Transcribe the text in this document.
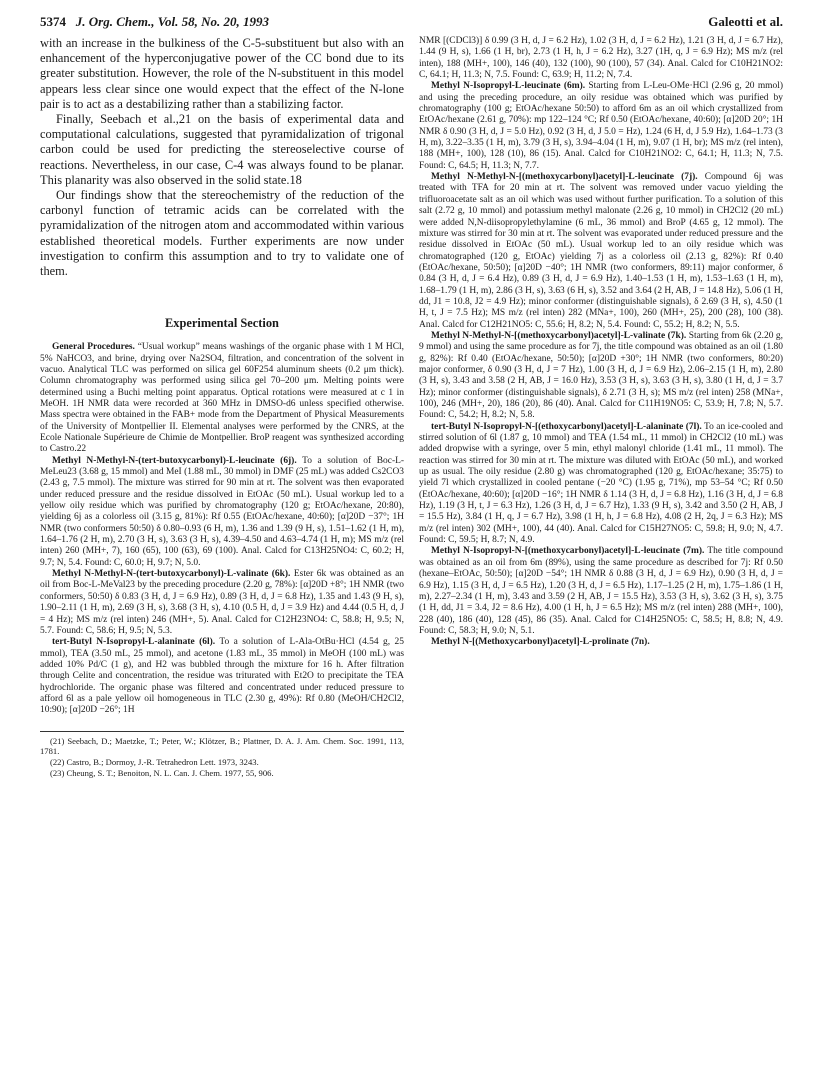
5374 J. Org. Chem., Vol. 58, No. 20, 1993	Galeotti et al.

with an increase in the bulkiness of the C-5-substituent but also with an enhancement of the hyperconjugative power of the CC bond due to its greater substitution. However, the role of the N-substituent in this model appears less clear since one would expect that the effect of the N-lone pair is to act as a destabilizing rather than a stabilizing factor.

Finally, Seebach et al.,21 on the basis of experimental data and computational calculations, suggested that pyramidalization of trigonal carbon could be used for predicting the stereoselective course of reactions. Nevertheless, in our case, C-4 was always found to be planar. This planarity was also observed in the solid state.18

Our findings show that the stereochemistry of the reduction of the carbonyl function of tetramic acids can be correlated with the pyramidalization of the nitrogen atom and accommodated within various established theoretical models. Further experiments are now under investigation to confirm this assumption and to try to validate one of them.

Experimental Section

General Procedures. “Usual workup” means washings of the organic phase with 1 M HCl, 5% NaHCO3, and brine, drying over Na2SO4, filtration, and concentration of the solvent in vacuo. Analytical TLC was performed on silica gel 60F254 aluminum sheets (0.2 μm thick). Column chromatography was performed using silica gel 70–200 μm. Melting points were determined using a Buchi melting point apparatus. Optical rotations were measured at c 1 in MeOH. 1H NMR data were recorded at 360 MHz in DMSO-d6 unless specified otherwise. Mass spectra were obtained in the FAB+ mode from the Department of Physical Measurements of the University of Montpellier II. Elemental analyses were performed by the CNRS, at the Ecole Nationale Supérieure de Chimie de Montpellier. BroP reagent was synthesized according to Castro.22

Methyl N-Methyl-N-(tert-butoxycarbonyl)-L-leucinate (6j). To a solution of Boc-L-MeLeu23 (3.68 g, 15 mmol) and MeI (1.88 mL, 30 mmol) in DMF (25 mL) was added Cs2CO3 (2.43 g, 7.5 mmol). The mixture was stirred for 90 min at rt. The solvent was then evaporated under reduced pressure and the residue dissolved in EtOAc (50 mL). Usual workup led to a yellow oily residue which was purified by chromatography (120 g; EtOAc/hexane, 20:80), yielding 6j as a colorless oil (3.15 g, 81%): Rf 0.55 (EtOAc/hexane, 40:60); [α]20D −37°; 1H NMR (two conformers 50:50) δ 0.80–0.93 (6 H, m), 1.36 and 1.39 (9 H, s), 1.51–1.62 (1 H, m), 1.64–1.76 (2 H, m), 2.70 (3 H, s), 3.63 (3 H, s), 4.39–4.50 and 4.63–4.74 (1 H, m); MS m/z (rel inten) 260 (MH+, 7), 160 (65), 100 (63), 69 (100). Anal. Calcd for C13H25NO4: C, 60.2; H, 9.7; N, 5.4. Found: C, 60.0; H, 9.7; N, 5.0.

Methyl N-Methyl-N-(tert-butoxycarbonyl)-L-valinate (6k). Ester 6k was obtained as an oil from Boc-L-MeVal23 by the preceding procedure (2.20 g, 78%): [α]20D +8°; 1H NMR (two conformers, 50:50) δ 0.83 (3 H, d, J = 6.9 Hz), 0.89 (3 H, d, J = 6.8 Hz), 1.35 and 1.43 (9 H, s), 1.90–2.11 (1 H, m), 2.69 (3 H, s), 3.68 (3 H, s), 4.10 (0.5 H, d, J = 3.9 Hz) and 4.44 (0.5 H, d, J = 4 Hz); MS m/z (rel inten) 246 (MH+, 5). Anal. Calcd for C12H23NO4: C, 58.8; H, 9.5; N, 5.7. Found: C, 58.6; H, 9.5; N, 5.3.

tert-Butyl N-Isopropyl-L-alaninate (6l). To a solution of L-Ala-OtBu·HCl (4.54 g, 25 mmol), TEA (3.50 mL, 25 mmol), and acetone (1.83 mL, 35 mmol) in MeOH (100 mL) was added 10% Pd/C (1 g), and H2 was bubbled through the mixture for 16 h. After filtration through Celite and concentration, the residue was triturated with Et2O to precipitate the TEA hydrochloride. The organic phase was filtered and concentrated under reduced pressure to afford 6l as a pale yellow oil homogeneous in TLC (2.30 g, 49%): Rf 0.80 (MeOH/CH2Cl2, 10:90); [α]20D −26°; 1H

(21) Seebach, D.; Maetzke, T.; Peter, W.; Klötzer, B.; Plattner, D. A. J. Am. Chem. Soc. 1991, 113, 1781.

(22) Castro, B.; Dormoy, J.-R. Tetrahedron Lett. 1973, 3243.

(23) Cheung, S. T.; Benoiton, N. L. Can. J. Chem. 1977, 55, 906.

NMR [(CDCl3)] δ 0.99 (3 H, d, J = 6.2 Hz), 1.02 (3 H, d, J = 6.2 Hz), 1.21 (3 H, d, J = 6.7 Hz), 1.44 (9 H, s), 1.66 (1 H, br), 2.73 (1 H, h, J = 6.2 Hz), 3.27 (1H, q, J = 6.9 Hz); MS m/z (rel inten), 188 (MH+, 100), 146 (40), 132 (100), 90 (100), 57 (34). Anal. Calcd for C10H21NO2: C, 64.1; H, 11.3; N, 7.5. Found: C, 63.9; H, 11.2; N, 7.4.

Methyl N-Isopropyl-L-leucinate (6m). Starting from L-Leu-OMe·HCl (2.96 g, 20 mmol) and using the preceding procedure, an oily residue was obtained which was purified by chromatography (100 g; EtOAc/hexane 50:50) to afford 6m as an oil which crystallized from EtOAc/hexane (2.61 g, 70%): mp 122–124 °C; Rf 0.50 (EtOAc/hexane, 40:60); [α]20D 20°; 1H NMR δ 0.90 (3 H, d, J = 5.0 Hz), 0.92 (3 H, d, J 5.0 = Hz), 1.24 (6 H, d, J 5.9 Hz), 1.64–1.73 (3 H, m), 3.22–3.35 (1 H, m), 3.79 (3 H, s), 3.94–4.04 (1 H, m), 9.07 (1 H, br); MS m/z (rel inten), 188 (MH+, 100), 128 (10), 86 (15). Anal. Calcd for C10H21NO2: C, 64.1; H, 11.3; N, 7.5. Found: C, 64.5; H, 11.3; N, 7.7.

Methyl N-Methyl-N-[(methoxycarbonyl)acetyl]-L-leucinate (7j). Compound 6j was treated with TFA for 20 min at rt. The solvent was removed under vacuo yielding the trifluoroacetate salt as an oil which was used without further purification. To a solution of this salt (2.72 g, 10 mmol) and potassium methyl malonate (2.26 g, 10 mmol) in CH2Cl2 (20 mL) were added N,N-diisopropylethylamine (6 mL, 36 mmol) and BroP (4.65 g, 12 mmol). The mixture was stirred for 30 min at rt. The solvent was evaporated under reduced pressure and the residue dissolved in EtOAc (50 mL). Usual workup led to an oily residue which was chromatographed (120 g, EtOAc) yielding 7j as a colorless oil (2.13 g, 82%): Rf 0.40 (EtOAc/hexane, 50:50); [α]20D −40°; 1H NMR (two conformers, 89:11) major conformer, δ 0.84 (3 H, d, J = 6.4 Hz), 0.89 (3 H, d, J = 6.9 Hz), 1.40–1.53 (1 H, m), 1.53–1.63 (1 H, m), 1.68–1.79 (1 H, m), 2.86 (3 H, s), 3.63 (6 H, s), 3.52 and 3.64 (2 H, AB, J = 14.8 Hz), 5.06 (1 H, dd, J1 = 10.8, J2 = 4.9 Hz); minor conformer (distinguishable signals), δ 2.69 (3 H, s), 4.50 (1 H, t, J = 7.5 Hz); MS m/z (rel inten) 282 (MNa+, 100), 260 (MH+, 25), 200 (28), 100 (38). Anal. Calcd for C12H21NO5: C, 55.6; H, 8.2; N, 5.4. Found: C, 55.2; H, 8.2; N, 5.5.

Methyl N-Methyl-N-[(methoxycarbonyl)acetyl]-L-valinate (7k). Starting from 6k (2.20 g, 9 mmol) and using the same procedure as for 7j, the title compound was obtained as an oil (1.80 g, 82%): Rf 0.40 (EtOAc/hexane, 50:50); [α]20D +30°; 1H NMR (two conformers, 80:20) major conformer, δ 0.90 (3 H, d, J = 7 Hz), 1.00 (3 H, d, J = 6.9 Hz), 2.06–2.15 (1 H, m), 2.80 (3 H, s), 3.43 and 3.58 (2 H, AB, J = 16.0 Hz), 3.53 (3 H, s), 3.63 (3 H, s), 3.80 (1 H, d, J = 3.7 Hz); minor conformer (distinguishable signals), δ 2.71 (3 H, s); MS m/z (rel inten) 258 (MNa+, 100), 246 (MH+, 20), 186 (20), 86 (40). Anal. Calcd for C11H19NO5: C, 53.9; H, 7.8; N, 5.7. Found: C, 54.2; H, 8.2; N, 5.8.

tert-Butyl N-Isopropyl-N-[(ethoxycarbonyl)acetyl]-L-alaninate (7l). To an ice-cooled and stirred solution of 6l (1.87 g, 10 mmol) and TEA (1.54 mL, 11 mmol) in CH2Cl2 (10 mL) was added dropwise with a syringe, over 5 min, ethyl malonyl chloride (1.41 mL, 11 mmol). The reaction was stirred for 30 min at rt. The mixture was diluted with EtOAc (50 mL), and worked up as usual. The oily residue (2.80 g) was chromatographed (120 g, EtOAc/hexane; 35:75) to yield 7l which crystallized in cooled pentane (−20 °C) (1.95 g, 71%), mp 53–54 °C; Rf 0.50 (EtOAc/hexane, 40:60); [α]20D −16°; 1H NMR δ 1.14 (3 H, d, J = 6.8 Hz), 1.16 (3 H, d, J = 6.8 Hz), 1.19 (3 H, t, J = 6.3 Hz), 1.26 (3 H, d, J = 6.7 Hz), 1.33 (9 H, s), 3.42 and 3.50 (2 H, AB, J = 15.5 Hz), 3.84 (1 H, q, J = 6.7 Hz), 3.98 (1 H, h, J = 6.8 Hz), 4.08 (2 H, 2q, J = 6.3 Hz); MS m/z (rel inten) 302 (MH+, 100), 44 (40). Anal. Calcd for C15H27NO5: C, 59.8; H, 9.0; N, 4.7. Found: C, 59.5; H, 8.7; N, 4.9.

Methyl N-Isopropyl-N-[(methoxycarbonyl)acetyl]-L-leucinate (7m). The title compound was obtained as an oil from 6m (89%), using the same procedure as described for 7j: Rf 0.50 (hexane–EtOAc, 50:50); [α]20D −54°; 1H NMR δ 0.88 (3 H, d, J = 6.9 Hz), 0.90 (3 H, d, J = 6.9 Hz), 1.15 (3 H, d, J = 6.5 Hz), 1.20 (3 H, d, J = 6.5 Hz), 1.17–1.25 (2 H, m), 1.75–1.86 (1 H, m), 2.27–2.34 (1 H, m), 3.43 and 3.59 (2 H, AB, J = 15.5 Hz), 3.53 (3 H, s), 3.62 (3 H, s), 3.75 (1 H, dd, J1 = 3.4, J2 = 8.6 Hz), 4.00 (1 H, h, J = 6.5 Hz); MS m/z (rel inten) 288 (MH+, 100), 228 (40), 186 (40), 128 (45), 86 (35). Anal. Calcd for C14H25NO5: C, 58.5; H, 8.8; N, 4.9. Found: C, 58.3; H, 9.0; N, 5.1.

Methyl N-[(Methoxycarbonyl)acetyl]-L-prolinate (7n).
